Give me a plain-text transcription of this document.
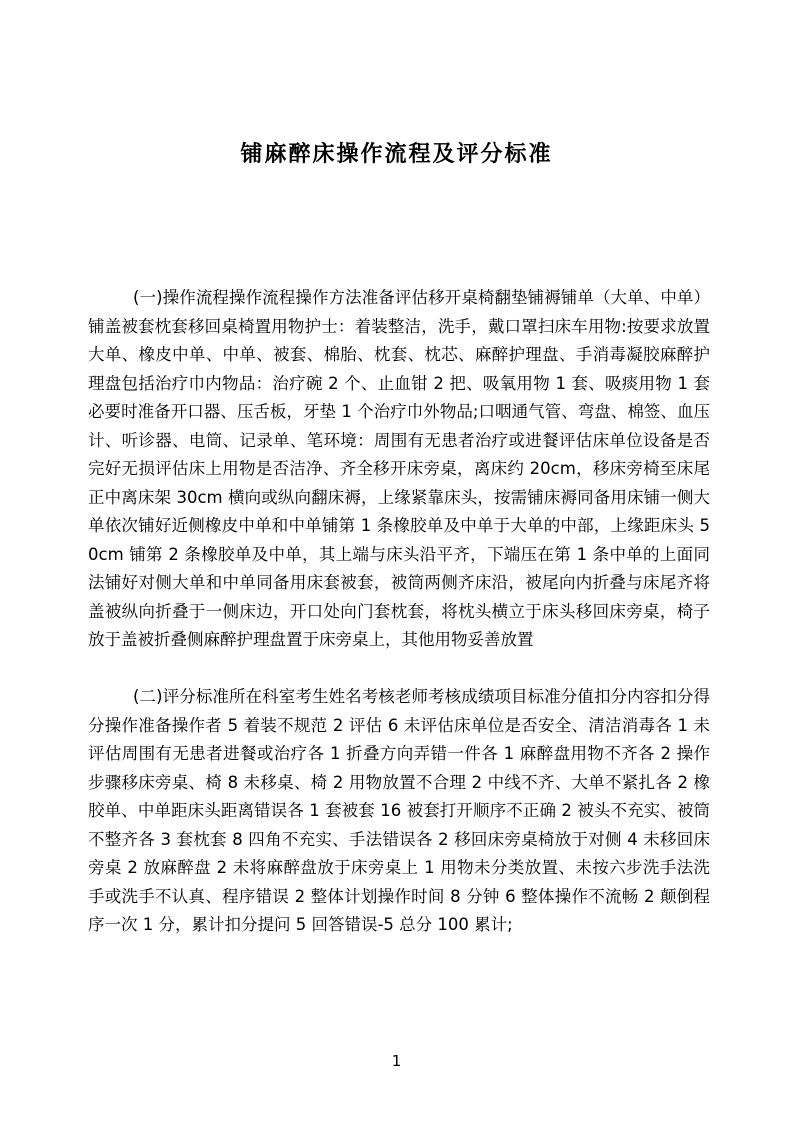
铺麻醉床操作流程及评分标准

(一)操作流程操作流程操作方法准备评估移开桌椅翻垫铺褥铺单（大单、中单）铺盖被套枕套移回桌椅置用物护士：着装整洁，洗手，戴口罩扫床车用物:按要求放置大单、橡皮中单、中单、被套、棉胎、枕套、枕芯、麻醉护理盘、手消毒凝胶麻醉护理盘包括治疗巾内物品：治疗碗 2 个、止血钳 2 把、吸氧用物 1 套、吸痰用物 1 套必要时准备开口器、压舌板，牙垫 1 个治疗巾外物品;口咽通气管、弯盘、棉签、血压计、听诊器、电筒、记录单、笔环境：周围有无患者治疗或进餐评估床单位设备是否完好无损评估床上用物是否洁净、齐全移开床旁桌，离床约 20cm，移床旁椅至床尾正中离床架 30cm 横向或纵向翻床褥，上缘紧靠床头，按需铺床褥同备用床铺一侧大单依次铺好近侧橡皮中单和中单铺第 1 条橡胶单及中单于大单的中部，上缘距床头 50cm 铺第 2 条橡胶单及中单，其上端与床头沿平齐，下端压在第 1 条中单的上面同法铺好对侧大单和中单同备用床套被套，被筒两侧齐床沿，被尾向内折叠与床尾齐将盖被纵向折叠于一侧床边，开口处向门套枕套，将枕头横立于床头移回床旁桌，椅子放于盖被折叠侧麻醉护理盘置于床旁桌上，其他用物妥善放置

(二)评分标准所在科室考生姓名考核老师考核成绩项目标准分值扣分内容扣分得分操作准备操作者 5 着装不规范 2 评估 6 未评估床单位是否安全、清洁消毒各 1 未评估周围有无患者进餐或治疗各 1 折叠方向弄错一件各 1 麻醉盘用物不齐各 2 操作步骤移床旁桌、椅 8 未移桌、椅 2 用物放置不合理 2 中线不齐、大单不紧扎各 2 橡胶单、中单距床头距离错误各 1 套被套 16 被套打开顺序不正确 2 被头不充实、被筒不整齐各 3 套枕套 8 四角不充实、手法错误各 2 移回床旁桌椅放于对侧 4 未移回床旁桌 2 放麻醉盘 2 未将麻醉盘放于床旁桌上 1 用物未分类放置、未按六步洗手法洗手或洗手不认真、程序错误 2 整体计划操作时间 8 分钟 6 整体操作不流畅 2 颠倒程序一次 1 分，累计扣分提问 5 回答错误-5 总分 100 累计;

1
